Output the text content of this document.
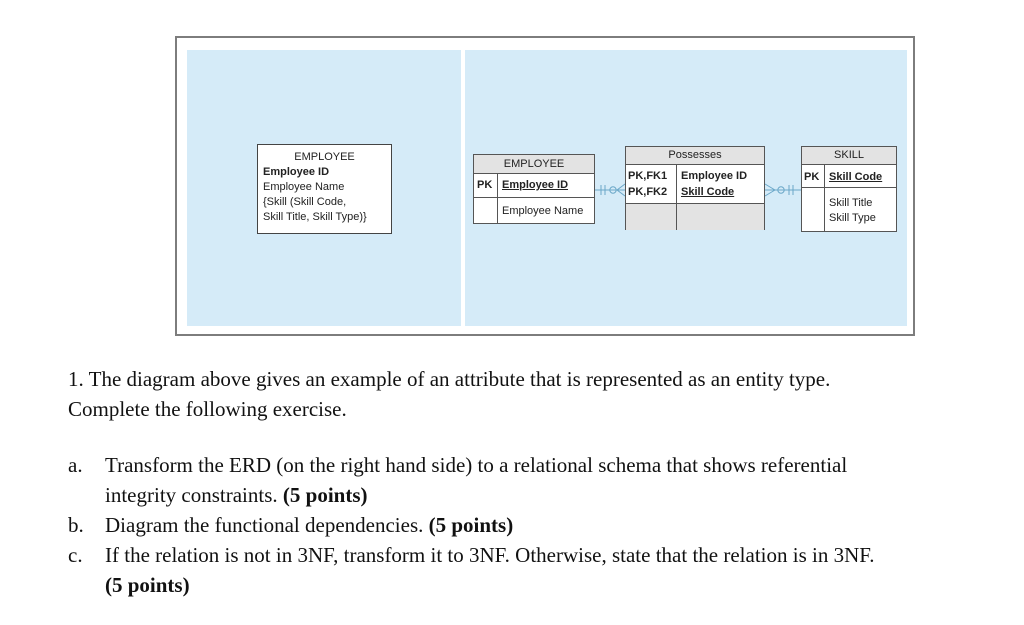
EMPLOYEE
Employee ID
Employee Name
{Skill (Skill Code,
Skill Title, Skill Type)}
EMPLOYEE
PK Employee ID
Employee Name
Possesses
PK,FK1 Employee ID
PK,FK2 Skill Code
SKILL
PK Skill Code
Skill Title
Skill Type
1. The diagram above gives an example of an attribute that is represented as an entity type.
Complete the following exercise.
a. Transform the ERD (on the right hand side) to a relational schema that shows referential
integrity constraints. (5 points)
b. Diagram the functional dependencies. (5 points)
c. If the relation is not in 3NF, transform it to 3NF. Otherwise, state that the relation is in 3NF.
(5 points)
